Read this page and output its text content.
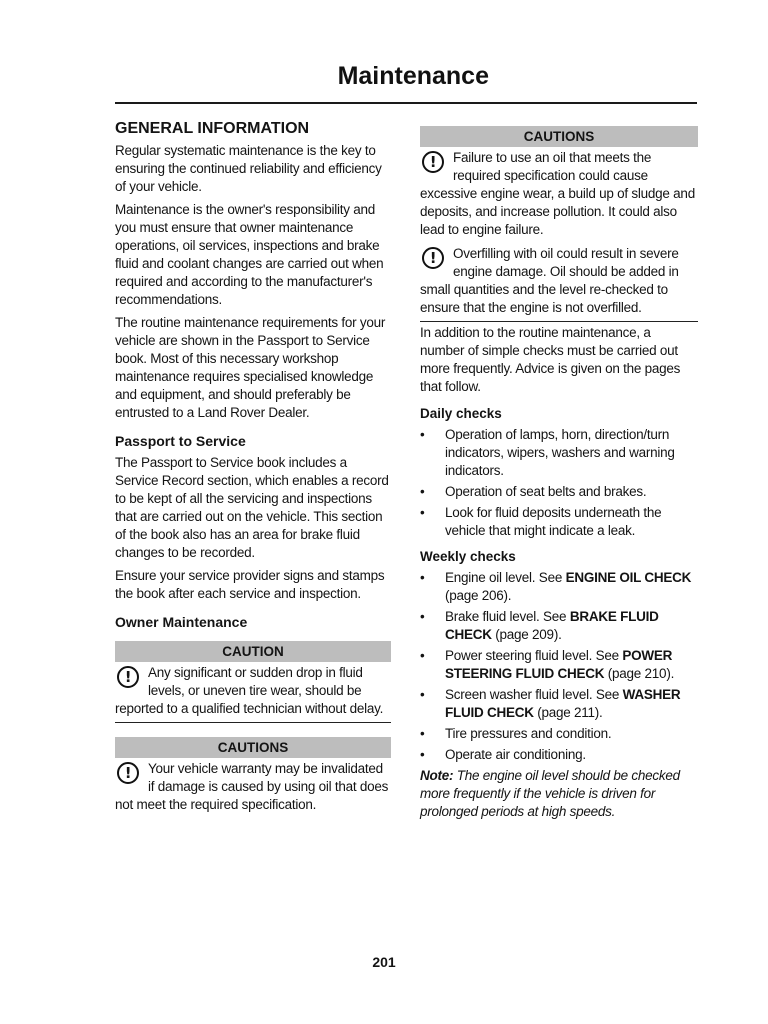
Maintenance
GENERAL INFORMATION

Regular systematic maintenance is the key to ensuring the continued reliability and efficiency of your vehicle.

Maintenance is the owner's responsibility and you must ensure that owner maintenance operations, oil services, inspections and brake fluid and coolant changes are carried out when required and according to the manufacturer's recommendations.

The routine maintenance requirements for your vehicle are shown in the Passport to Service book. Most of this necessary workshop maintenance requires specialised knowledge and equipment, and should preferably be entrusted to a Land Rover Dealer.

Passport to Service

The Passport to Service book includes a Service Record section, which enables a record to be kept of all the servicing and inspections that are carried out on the vehicle. This section of the book also has an area for brake fluid changes to be recorded.

Ensure your service provider signs and stamps the book after each service and inspection.

Owner Maintenance
CAUTION
!	Any significant or sudden drop in fluid levels, or uneven tire wear, should be reported to a qualified technician without delay.
CAUTIONS
!	Your vehicle warranty may be invalidated if damage is caused by using oil that does not meet the required specification.
CAUTIONS
!	Failure to use an oil that meets the required specification could cause excessive engine wear, a build up of sludge and deposits, and increase pollution. It could also lead to engine failure.
!	Overfilling with oil could result in severe engine damage. Oil should be added in small quantities and the level re-checked to ensure that the engine is not overfilled.

In addition to the routine maintenance, a number of simple checks must be carried out more frequently. Advice is given on the pages that follow.

Daily checks
•	Operation of lamps, horn, direction/turn indicators, wipers, washers and warning indicators.
•	Operation of seat belts and brakes.
•	Look for fluid deposits underneath the vehicle that might indicate a leak.
Weekly checks
•	Engine oil level. See ENGINE OIL CHECK (page 206).
•	Brake fluid level. See BRAKE FLUID CHECK (page 209).
•	Power steering fluid level. See POWER STEERING FLUID CHECK (page 210).
•	Screen washer fluid level. See WASHER FLUID CHECK (page 211).
•	Tire pressures and condition.
•	Operate air conditioning.

Note: The engine oil level should be checked more frequently if the vehicle is driven for prolonged periods at high speeds.

201
